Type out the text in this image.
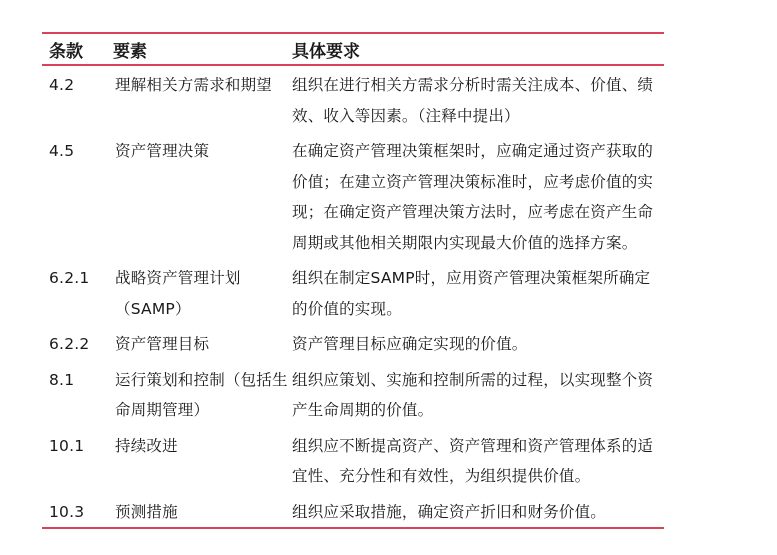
条款	要素	具体要求
4.2	理解相关方需求和期望	组织在进行相关方需求分析时需关注成本、价值、绩效、收入等因素。（注释中提出）
4.5	资产管理决策	在确定资产管理决策框架时，应确定通过资产获取的价值；在建立资产管理决策标准时，应考虑价值的实现；在确定资产管理决策方法时，应考虑在资产生命周期或其他相关期限内实现最大价值的选择方案。
6.2.1	战略资产管理计划（SAMP）	组织在制定SAMP时，应用资产管理决策框架所确定的价值的实现。
6.2.2	资产管理目标	资产管理目标应确定实现的价值。
8.1	运行策划和控制（包括生命周期管理）	组织应策划、实施和控制所需的过程，以实现整个资产生命周期的价值。
10.1	持续改进	组织应不断提高资产、资产管理和资产管理体系的适宜性、充分性和有效性，为组织提供价值。
10.3	预测措施	组织应采取措施，确定资产折旧和财务价值。
